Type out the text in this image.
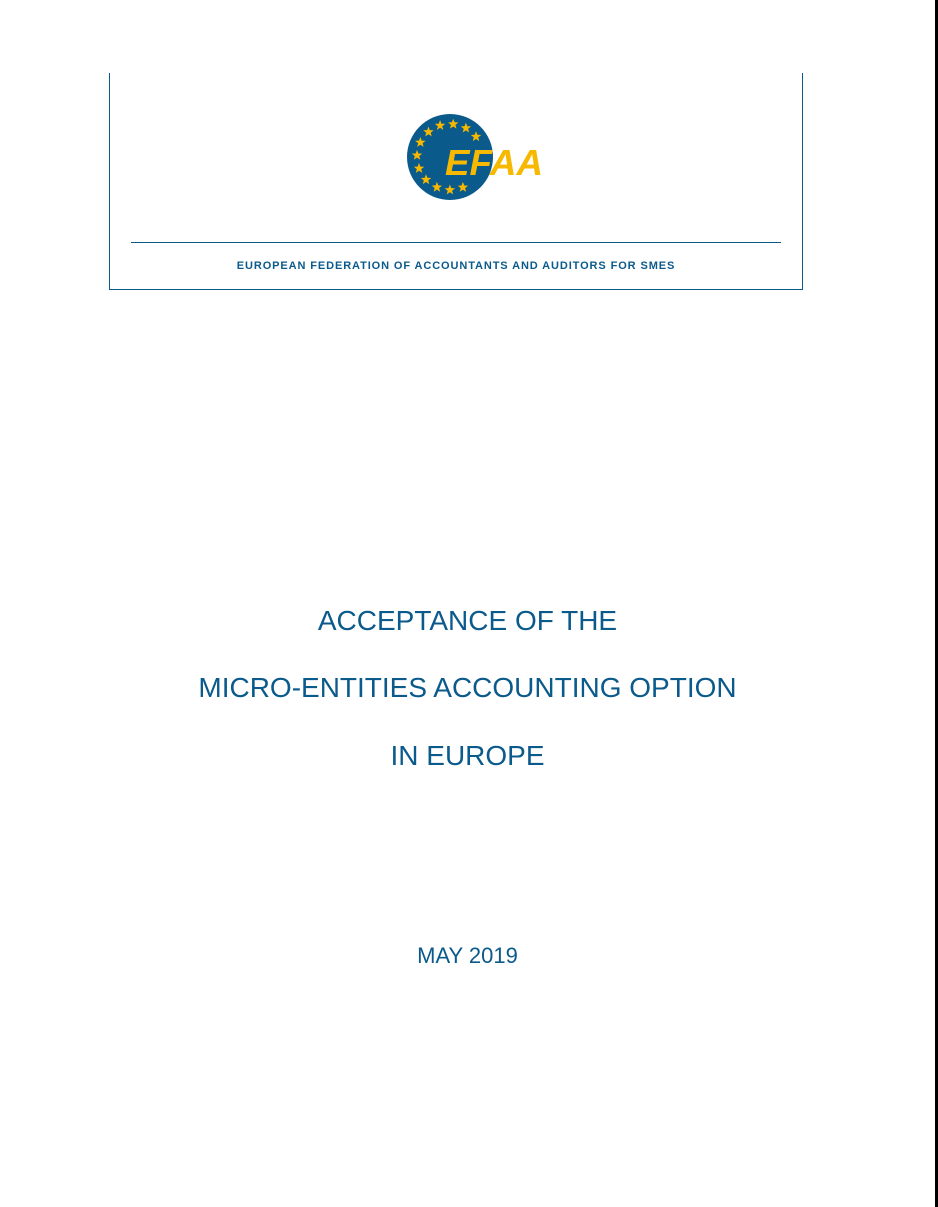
EFAA
EUROPEAN FEDERATION OF ACCOUNTANTS AND AUDITORS FOR SMES
ACCEPTANCE OF THE
MICRO-ENTITIES ACCOUNTING OPTION
IN EUROPE
MAY 2019
